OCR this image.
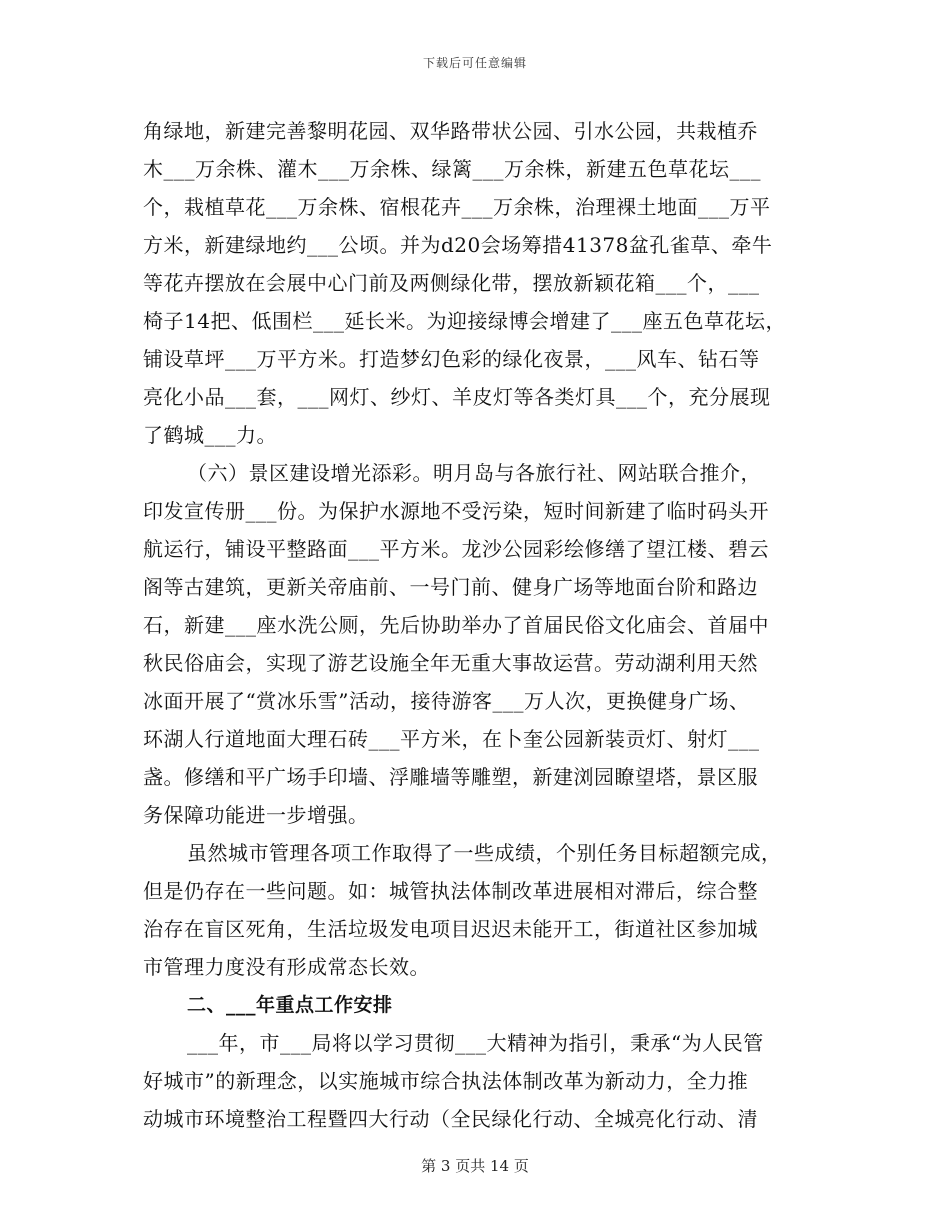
下载后可任意编辑
角绿地，新建完善黎明花园、双华路带状公园、引水公园，共栽植乔
木___万余株、灌木___万余株、绿篱___万余株，新建五色草花坛___
个，栽植草花___万余株、宿根花卉___万余株，治理裸土地面___万平
方米，新建绿地约___公顷。并为d20会场筹措41378盆孔雀草、牵牛
等花卉摆放在会展中心门前及两侧绿化带，摆放新颖花箱___个，___
椅子14把、低围栏___延长米。为迎接绿博会增建了___座五色草花坛，
铺设草坪___万平方米。打造梦幻色彩的绿化夜景，___风车、钻石等
亮化小品___套，___网灯、纱灯、羊皮灯等各类灯具___个，充分展现
了鹤城___力。
（六）景区建设增光添彩。明月岛与各旅行社、网站联合推介，
印发宣传册___份。为保护水源地不受污染，短时间新建了临时码头开
航运行，铺设平整路面___平方米。龙沙公园彩绘修缮了望江楼、碧云
阁等古建筑，更新关帝庙前、一号门前、健身广场等地面台阶和路边
石，新建___座水洗公厕，先后协助举办了首届民俗文化庙会、首届中
秋民俗庙会，实现了游艺设施全年无重大事故运营。劳动湖利用天然
冰面开展了“赏冰乐雪”活动，接待游客___万人次，更换健身广场、
环湖人行道地面大理石砖___平方米，在卜奎公园新装贡灯、射灯___
盏。修缮和平广场手印墙、浮雕墙等雕塑，新建浏园瞭望塔，景区服
务保障功能进一步增强。
虽然城市管理各项工作取得了一些成绩，个别任务目标超额完成，
但是仍存在一些问题。如：城管执法体制改革进展相对滞后，综合整
治存在盲区死角，生活垃圾发电项目迟迟未能开工，街道社区参加城
市管理力度没有形成常态长效。
二、___年重点工作安排
___年，市___局将以学习贯彻___大精神为指引，秉承“为人民管
好城市”的新理念，以实施城市综合执法体制改革为新动力，全力推
动城市环境整治工程暨四大行动（全民绿化行动、全城亮化行动、清
第 3 页共 14 页
